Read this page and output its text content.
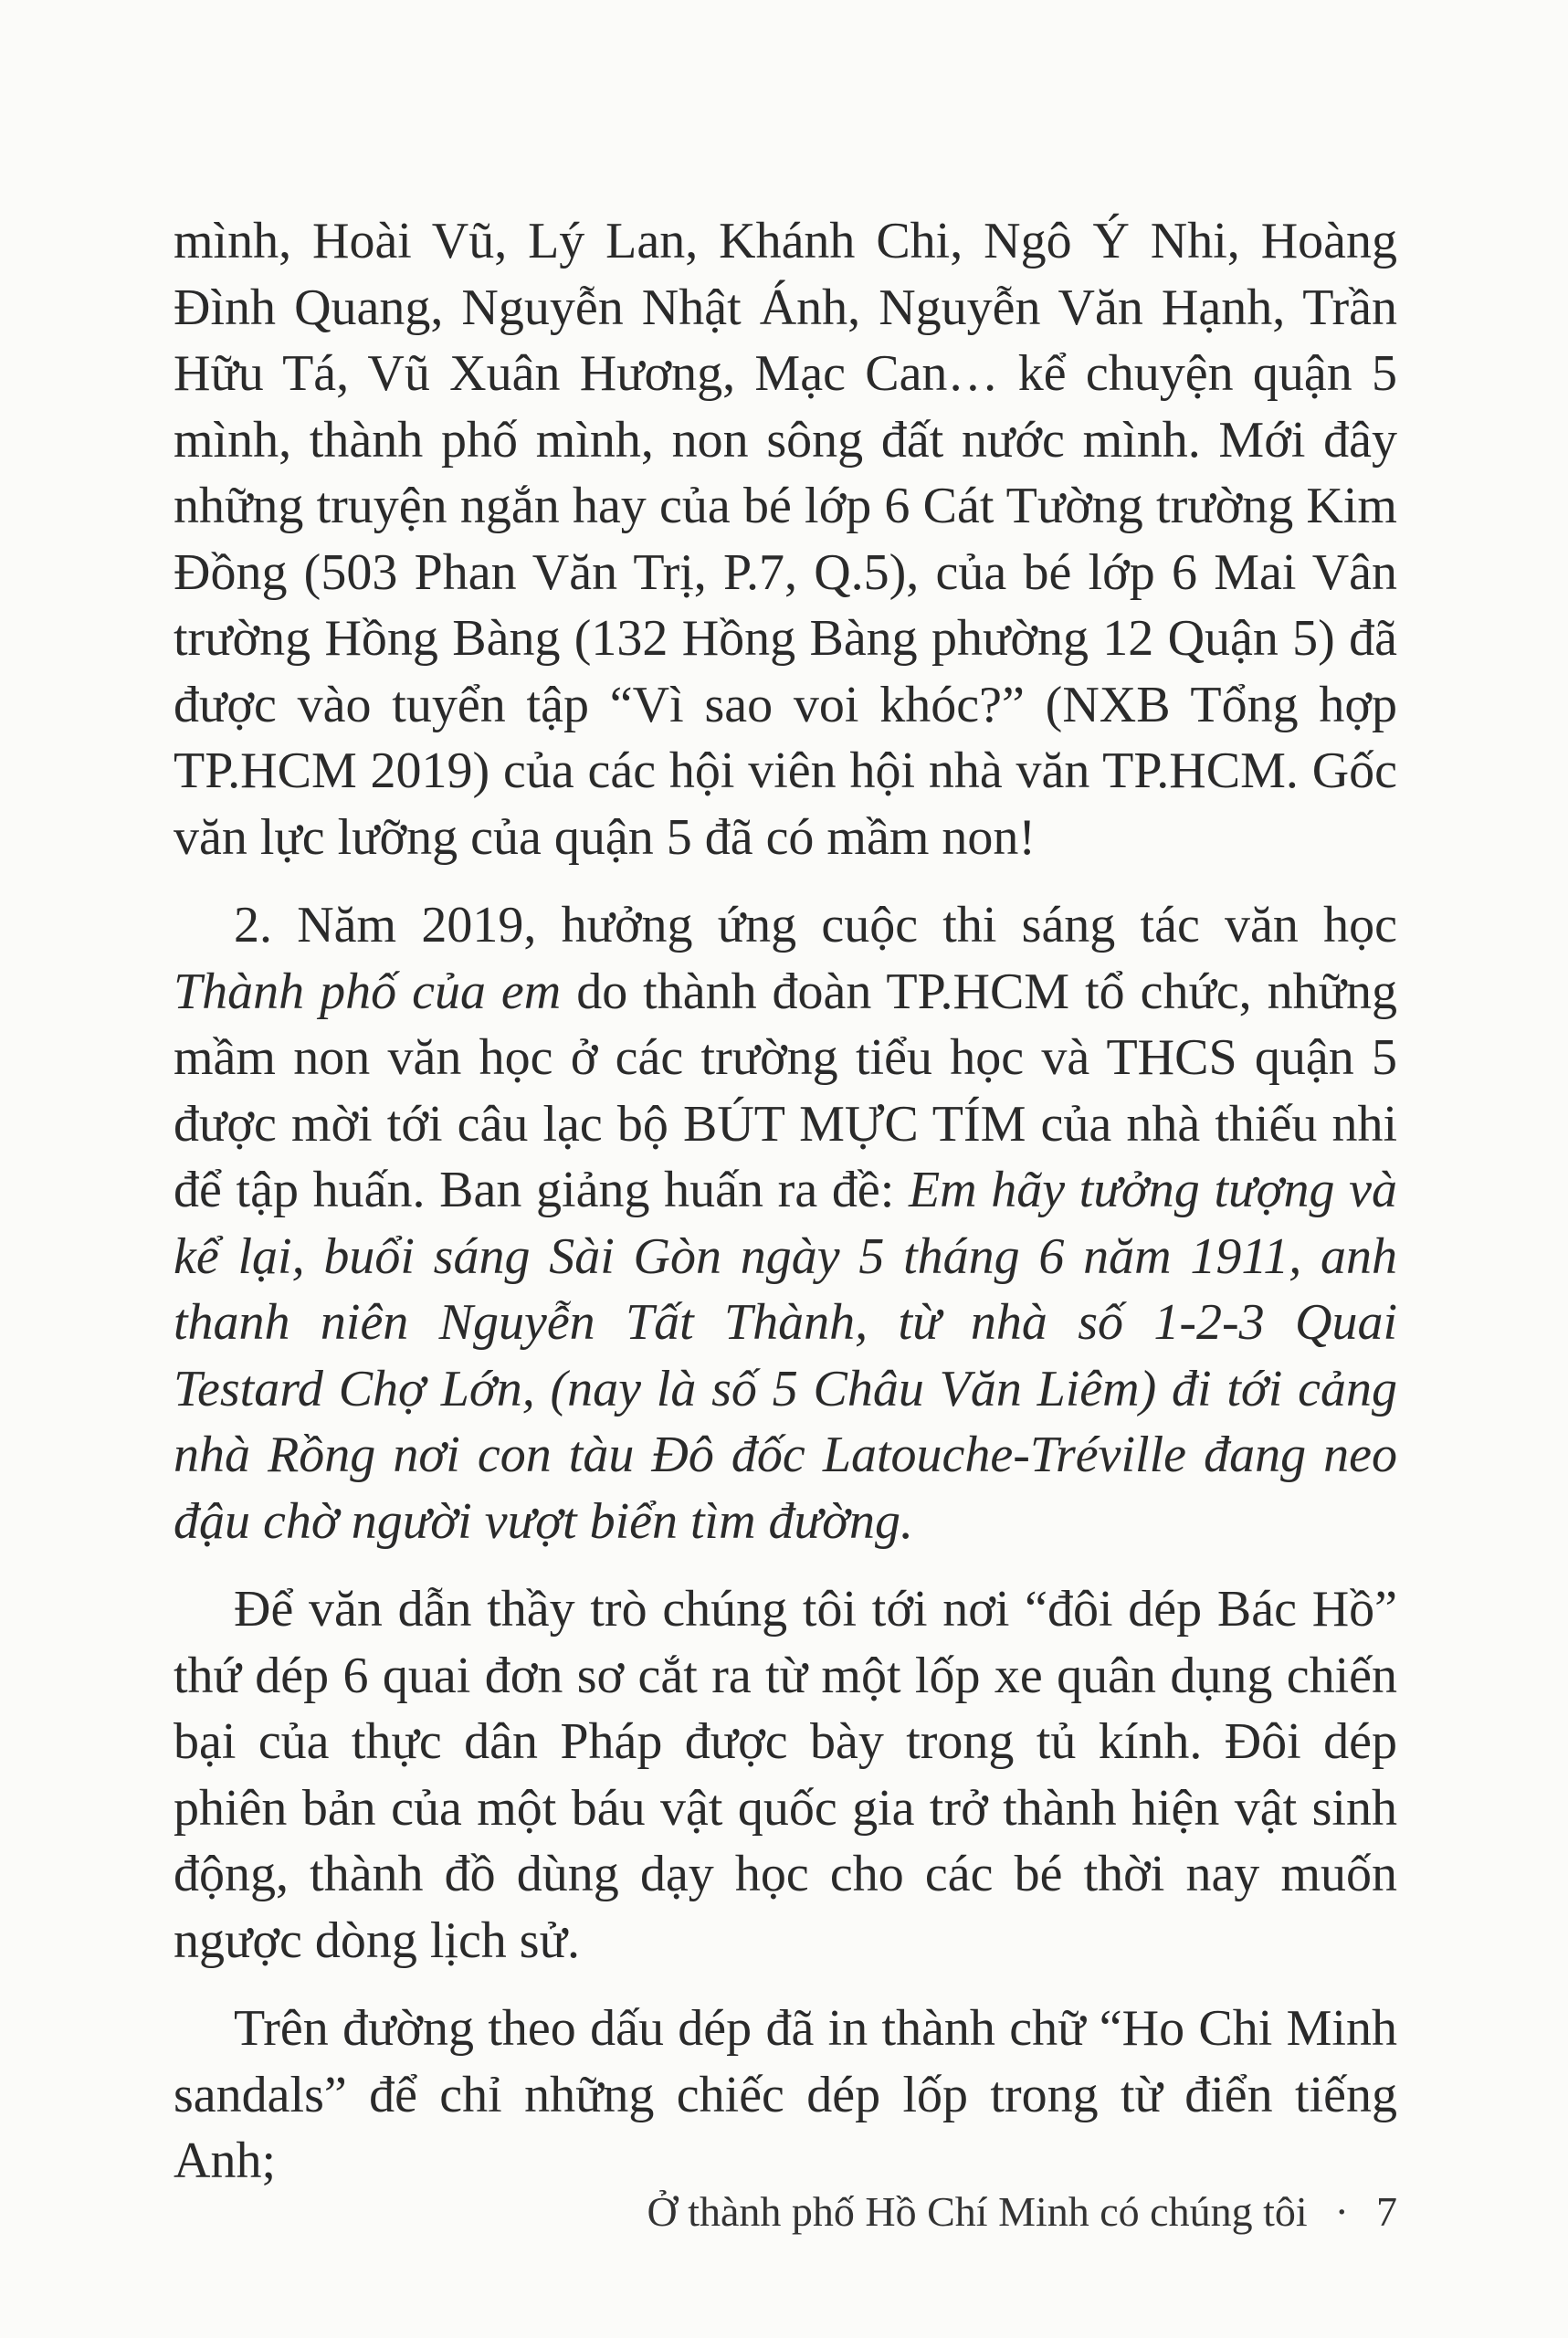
mình, Hoài Vũ, Lý Lan, Khánh Chi, Ngô Ý Nhi, Hoàng Đình Quang, Nguyễn Nhật Ánh, Nguyễn Văn Hạnh, Trần Hữu Tá, Vũ Xuân Hương, Mạc Can… kể chuyện quận 5 mình, thành phố mình, non sông đất nước mình. Mới đây những truyện ngắn hay của bé lớp 6 Cát Tường trường Kim Đồng (503 Phan Văn Trị, P.7, Q.5), của bé lớp 6 Mai Vân trường Hồng Bàng (132 Hồng Bàng phường 12 Quận 5) đã được vào tuyển tập “Vì sao voi khóc?” (NXB Tổng hợp TP.HCM 2019) của các hội viên hội nhà văn TP.HCM. Gốc văn lực lưỡng của quận 5 đã có mầm non!

2. Năm 2019, hưởng ứng cuộc thi sáng tác văn học Thành phố của em do thành đoàn TP.HCM tổ chức, những mầm non văn học ở các trường tiểu học và THCS quận 5 được mời tới câu lạc bộ BÚT MỰC TÍM của nhà thiếu nhi để tập huấn. Ban giảng huấn ra đề: Em hãy tưởng tượng và kể lại, buổi sáng Sài Gòn ngày 5 tháng 6 năm 1911, anh thanh niên Nguyễn Tất Thành, từ nhà số 1-2-3 Quai Testard Chợ Lớn, (nay là số 5 Châu Văn Liêm) đi tới cảng nhà Rồng nơi con tàu Đô đốc Latouche-Tréville đang neo đậu chờ người vượt biển tìm đường.

Để văn dẫn thầy trò chúng tôi tới nơi “đôi dép Bác Hồ” thứ dép 6 quai đơn sơ cắt ra từ một lốp xe quân dụng chiến bại của thực dân Pháp được bày trong tủ kính. Đôi dép phiên bản của một báu vật quốc gia trở thành hiện vật sinh động, thành đồ dùng dạy học cho các bé thời nay muốn ngược dòng lịch sử.

Trên đường theo dấu dép đã in thành chữ “Ho Chi Minh sandals” để chỉ những chiếc dép lốp trong từ điển tiếng Anh;

Ở thành phố Hồ Chí Minh có chúng tôi · 7
